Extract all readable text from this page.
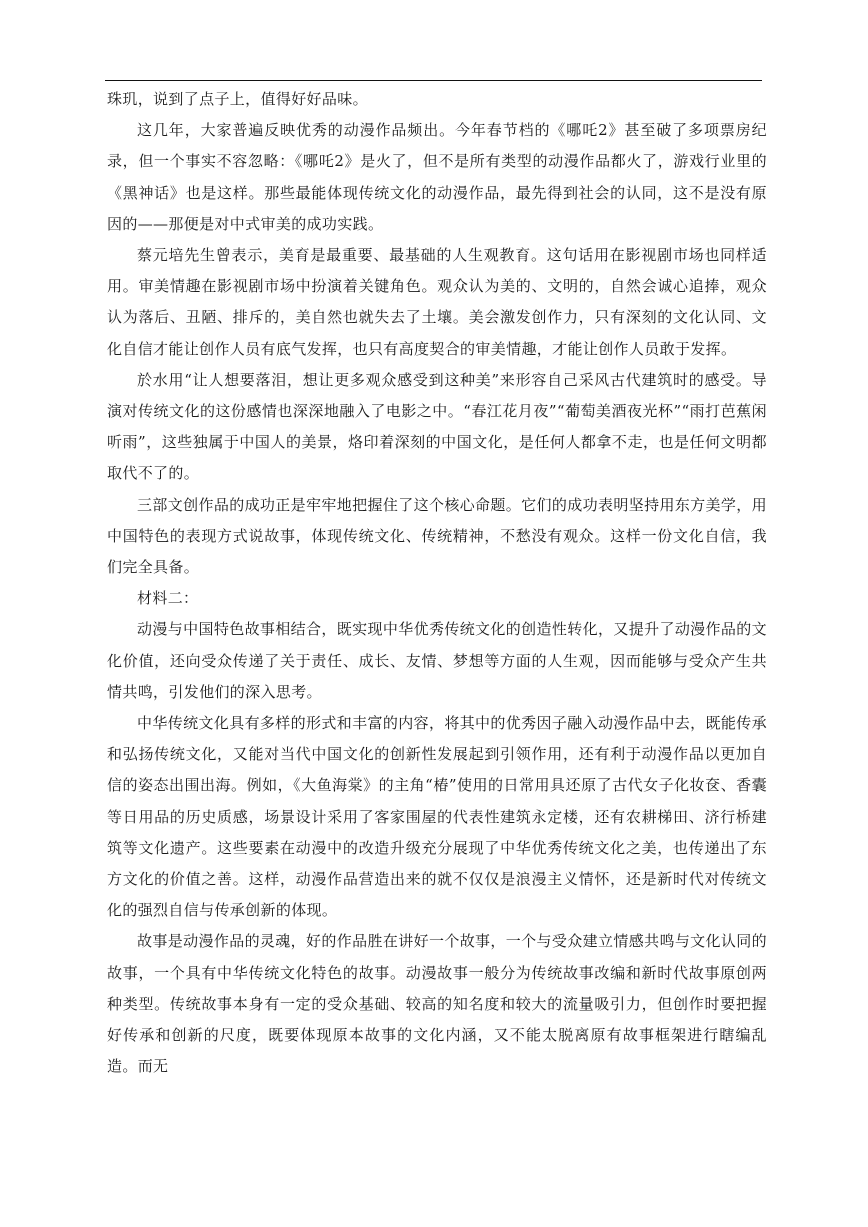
珠玑，说到了点子上，值得好好品味。

这几年，大家普遍反映优秀的动漫作品频出。今年春节档的《哪吒2》甚至破了多项票房纪录，但一个事实不容忽略：《哪吒2》是火了，但不是所有类型的动漫作品都火了，游戏行业里的《黑神话》也是这样。那些最能体现传统文化的动漫作品，最先得到社会的认同，这不是没有原因的——那便是对中式审美的成功实践。

蔡元培先生曾表示，美育是最重要、最基础的人生观教育。这句话用在影视剧市场也同样适用。审美情趣在影视剧市场中扮演着关键角色。观众认为美的、文明的，自然会诚心追捧，观众认为落后、丑陋、排斥的，美自然也就失去了土壤。美会激发创作力，只有深刻的文化认同、文化自信才能让创作人员有底气发挥，也只有高度契合的审美情趣，才能让创作人员敢于发挥。

於水用“让人想要落泪，想让更多观众感受到这种美”来形容自己采风古代建筑时的感受。导演对传统文化的这份感情也深深地融入了电影之中。“春江花月夜”“葡萄美酒夜光杯”“雨打芭蕉闲听雨”，这些独属于中国人的美景，烙印着深刻的中国文化，是任何人都拿不走，也是任何文明都取代不了的。

三部文创作品的成功正是牢牢地把握住了这个核心命题。它们的成功表明坚持用东方美学，用中国特色的表现方式说故事，体现传统文化、传统精神，不愁没有观众。这样一份文化自信，我们完全具备。

材料二：

动漫与中国特色故事相结合，既实现中华优秀传统文化的创造性转化，又提升了动漫作品的文化价值，还向受众传递了关于责任、成长、友情、梦想等方面的人生观，因而能够与受众产生共情共鸣，引发他们的深入思考。

中华传统文化具有多样的形式和丰富的内容，将其中的优秀因子融入动漫作品中去，既能传承和弘扬传统文化，又能对当代中国文化的创新性发展起到引领作用，还有利于动漫作品以更加自信的姿态出围出海。例如，《大鱼海棠》的主角“椿”使用的日常用具还原了古代女子化妆奁、香囊等日用品的历史质感，场景设计采用了客家围屋的代表性建筑永定楼，还有农耕梯田、济行桥建筑等文化遗产。这些要素在动漫中的改造升级充分展现了中华优秀传统文化之美，也传递出了东方文化的价值之善。这样，动漫作品营造出来的就不仅仅是浪漫主义情怀，还是新时代对传统文化的强烈自信与传承创新的体现。

故事是动漫作品的灵魂，好的作品胜在讲好一个故事，一个与受众建立情感共鸣与文化认同的故事，一个具有中华传统文化特色的故事。动漫故事一般分为传统故事改编和新时代故事原创两种类型。传统故事本身有一定的受众基础、较高的知名度和较大的流量吸引力，但创作时要把握好传承和创新的尺度，既要体现原本故事的文化内涵，又不能太脱离原有故事框架进行瞎编乱造。而无
